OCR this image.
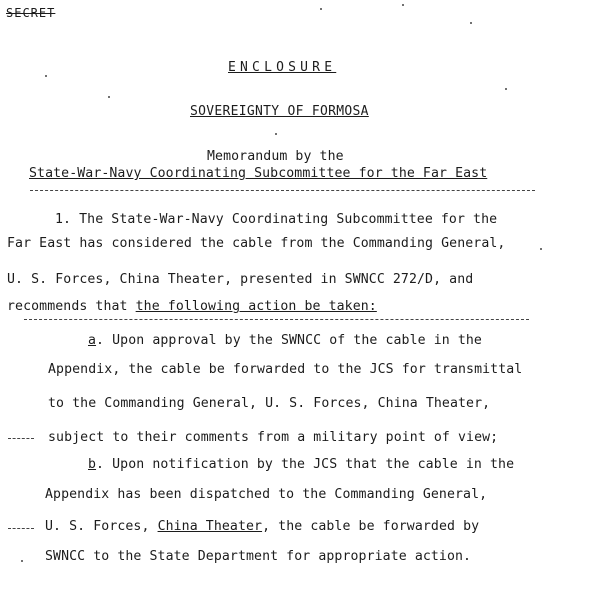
SECRET
ENCLOSURE
SOVEREIGNTY OF FORMOSA
Memorandum by the
State-War-Navy Coordinating Subcommittee for the Far East
1. The State-War-Navy Coordinating Subcommittee for the
Far East has considered the cable from the Commanding General,
U. S. Forces, China Theater, presented in SWNCC 272/D, and
recommends that the following action be taken:
a. Upon approval by the SWNCC of the cable in the
Appendix, the cable be forwarded to the JCS for transmittal
to the Commanding General, U. S. Forces, China Theater,
subject to their comments from a military point of view;
b. Upon notification by the JCS that the cable in the
Appendix has been dispatched to the Commanding General,
U. S. Forces, China Theater, the cable be forwarded by
SWNCC to the State Department for appropriate action.
